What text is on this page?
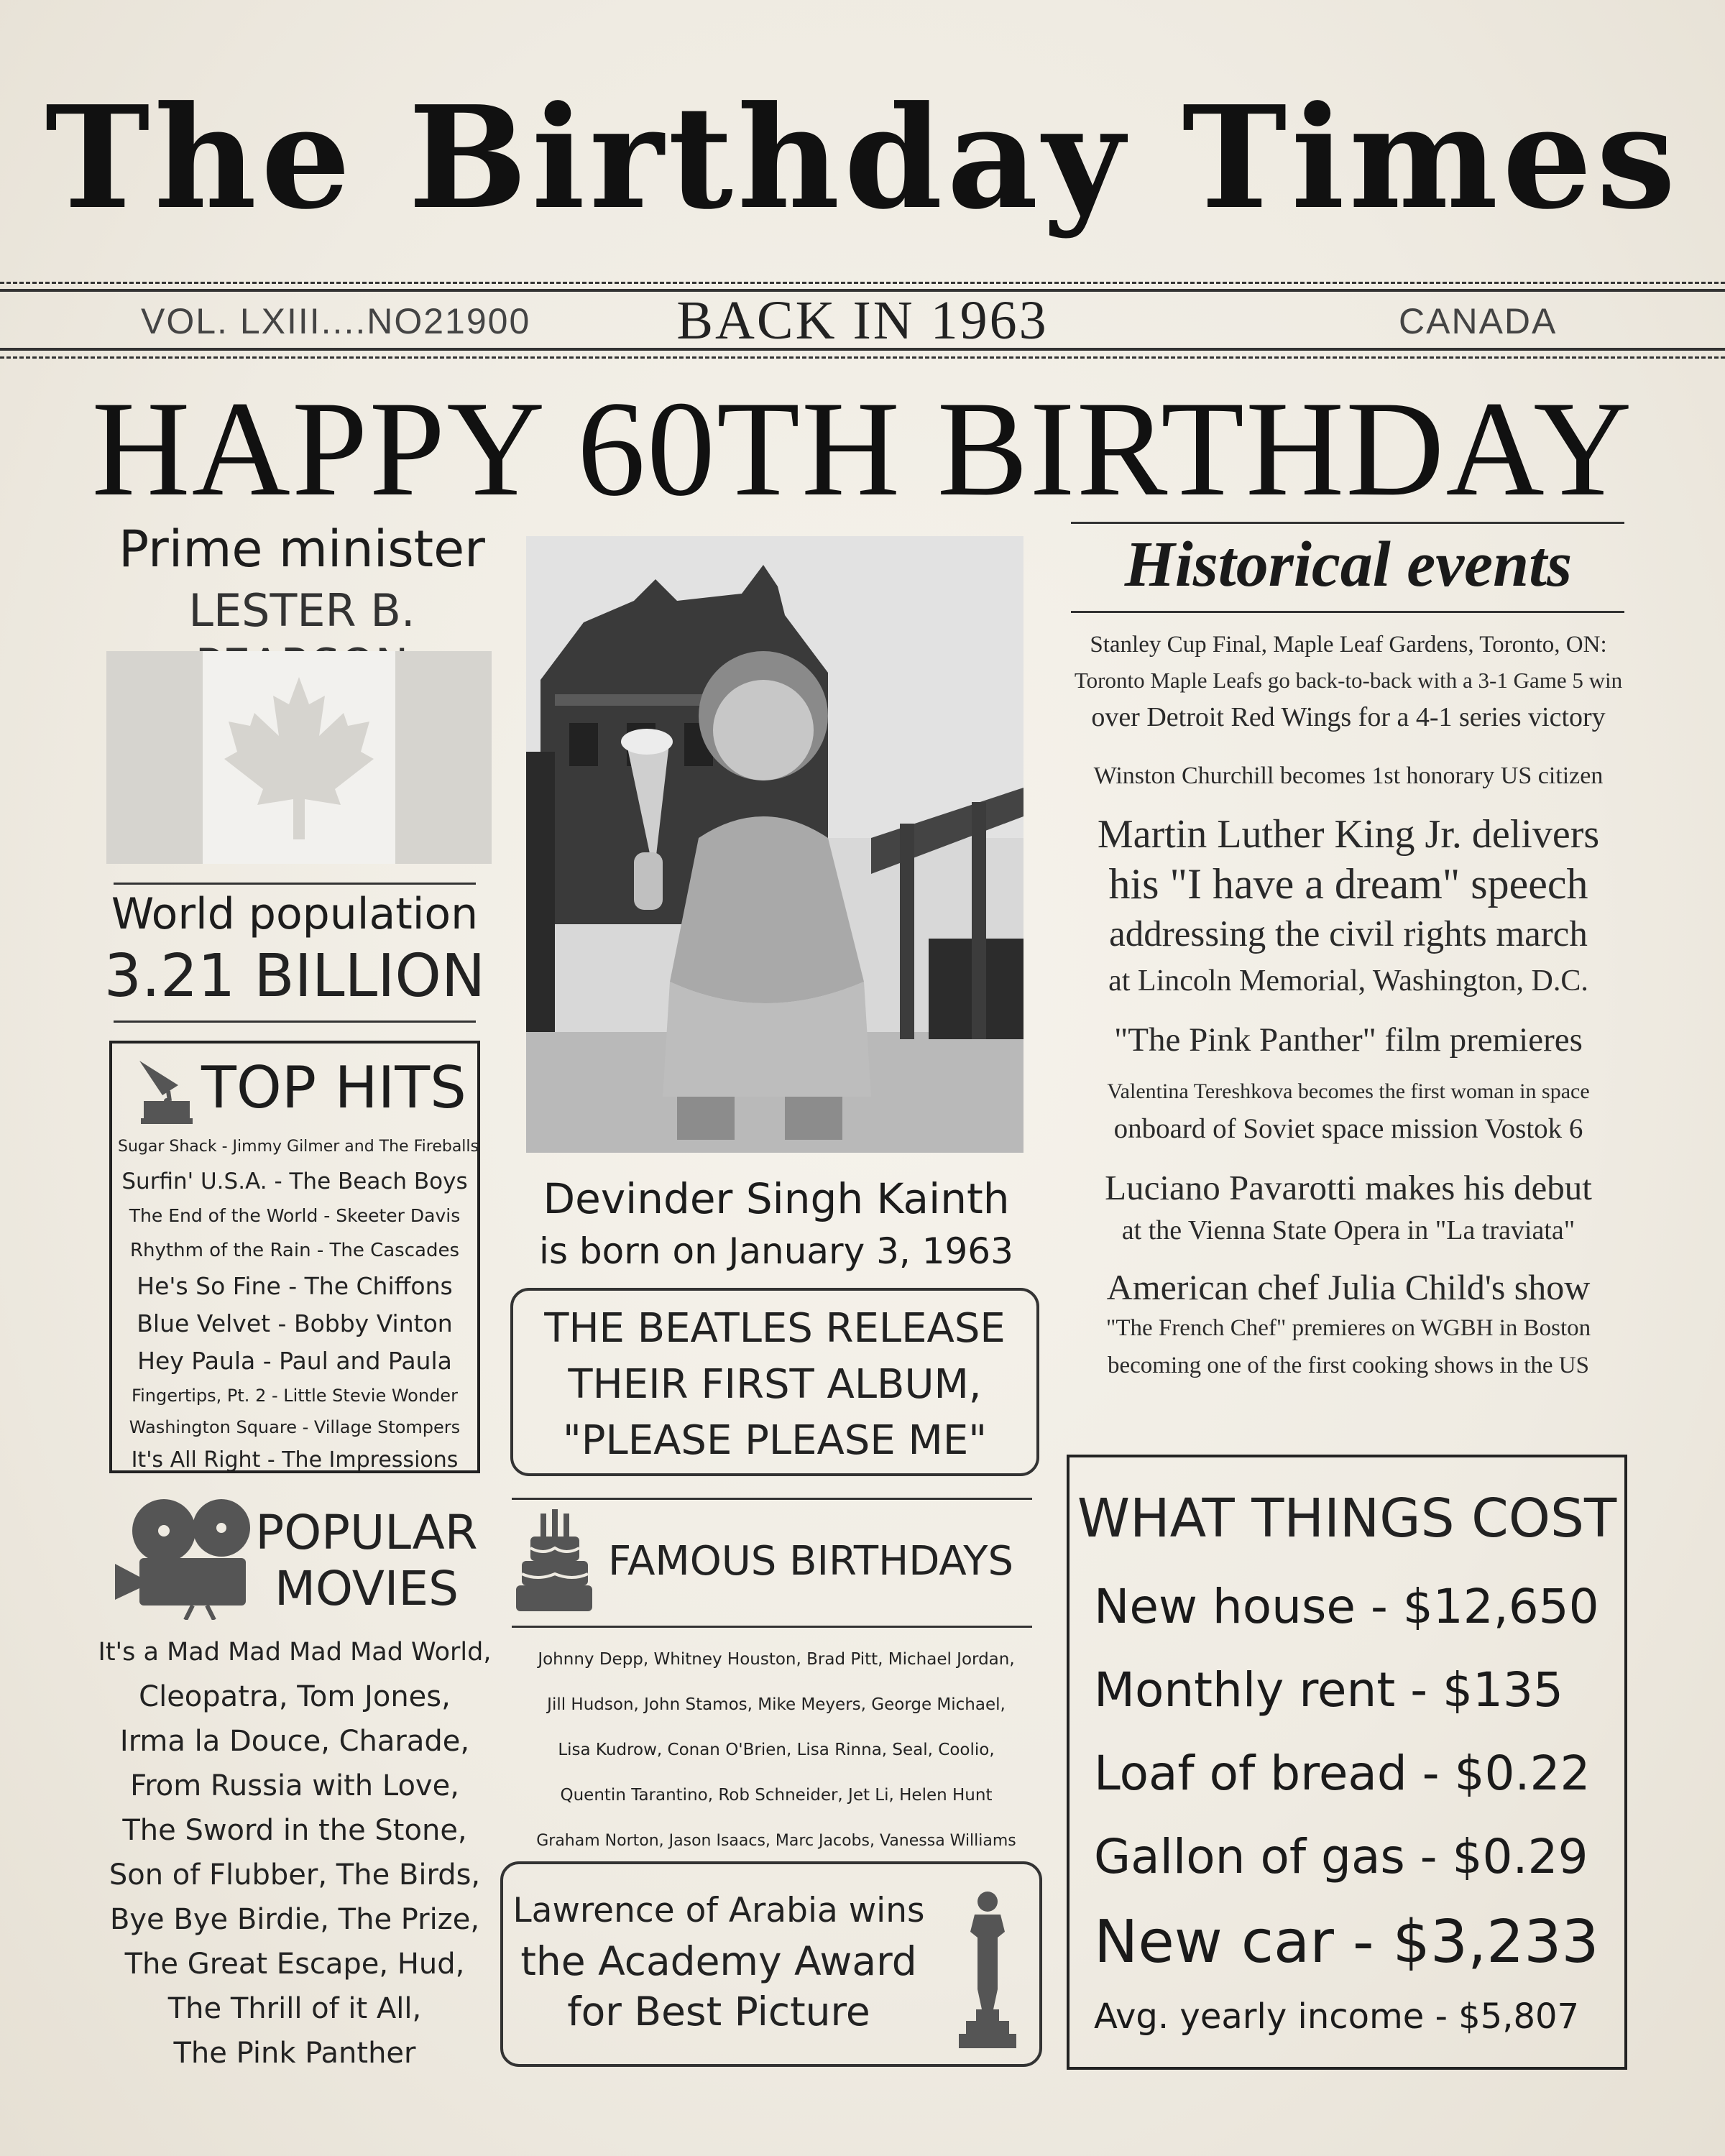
The Birthday Times
VOL. LXIII....NO21900	BACK IN 1963	CANADA
HAPPY 60TH BIRTHDAY
Prime minister
LESTER B.
World population
3.21 BILLION
TOP HITS
Sugar Shack - Jimmy Gilmer and The Fireballs
Surfin' U.S.A. - The Beach Boys
The End of the World - Skeeter Davis
Rhythm of the Rain - The Cascades
He's So Fine - The Chiffons
Blue Velvet - Bobby Vinton
Hey Paula - Paul and Paula
Fingertips, Pt. 2 - Little Stevie Wonder
Washington Square - Village Stompers
It's All Right - The Impressions
POPULAR
MOVIES
It's a Mad Mad Mad Mad World,
Cleopatra, Tom Jones,
Irma la Douce, Charade,
From Russia with Love,
The Sword in the Stone,
Son of Flubber, The Birds,
Bye Bye Birdie, The Prize,
The Great Escape, Hud,
The Thrill of it All,
The Pink Panther
Devinder Singh Kainth
is born on January 3, 1963
THE BEATLES RELEASE
THEIR FIRST ALBUM,
"PLEASE PLEASE ME"
FAMOUS BIRTHDAYS
Johnny Depp, Whitney Houston, Brad Pitt, Michael Jordan,
Jill Hudson, John Stamos, Mike Meyers, George Michael,
Lisa Kudrow, Conan O'Brien, Lisa Rinna, Seal, Coolio,
Quentin Tarantino, Rob Schneider, Jet Li, Helen Hunt
Graham Norton, Jason Isaacs, Marc Jacobs, Vanessa Williams
Lawrence of Arabia wins
the Academy Award
for Best Picture
Historical events
Stanley Cup Final, Maple Leaf Gardens, Toronto, ON:
Toronto Maple Leafs go back-to-back with a 3-1 Game 5 win
over Detroit Red Wings for a 4-1 series victory
Winston Churchill becomes 1st honorary US citizen
Martin Luther King Jr. delivers
his "I have a dream" speech
addressing the civil rights march
at Lincoln Memorial, Washington, D.C.
"The Pink Panther" film premieres
Valentina Tereshkova becomes the first woman in space
onboard of Soviet space mission Vostok 6
Luciano Pavarotti makes his debut
at the Vienna State Opera in "La traviata"
American chef Julia Child's show
"The French Chef" premieres on WGBH in Boston
becoming one of the first cooking shows in the US
WHAT THINGS COST
New house - $12,650
Monthly rent - $135
Loaf of bread - $0.22
Gallon of gas - $0.29
New car - $3,233
Avg. yearly income - $5,807
